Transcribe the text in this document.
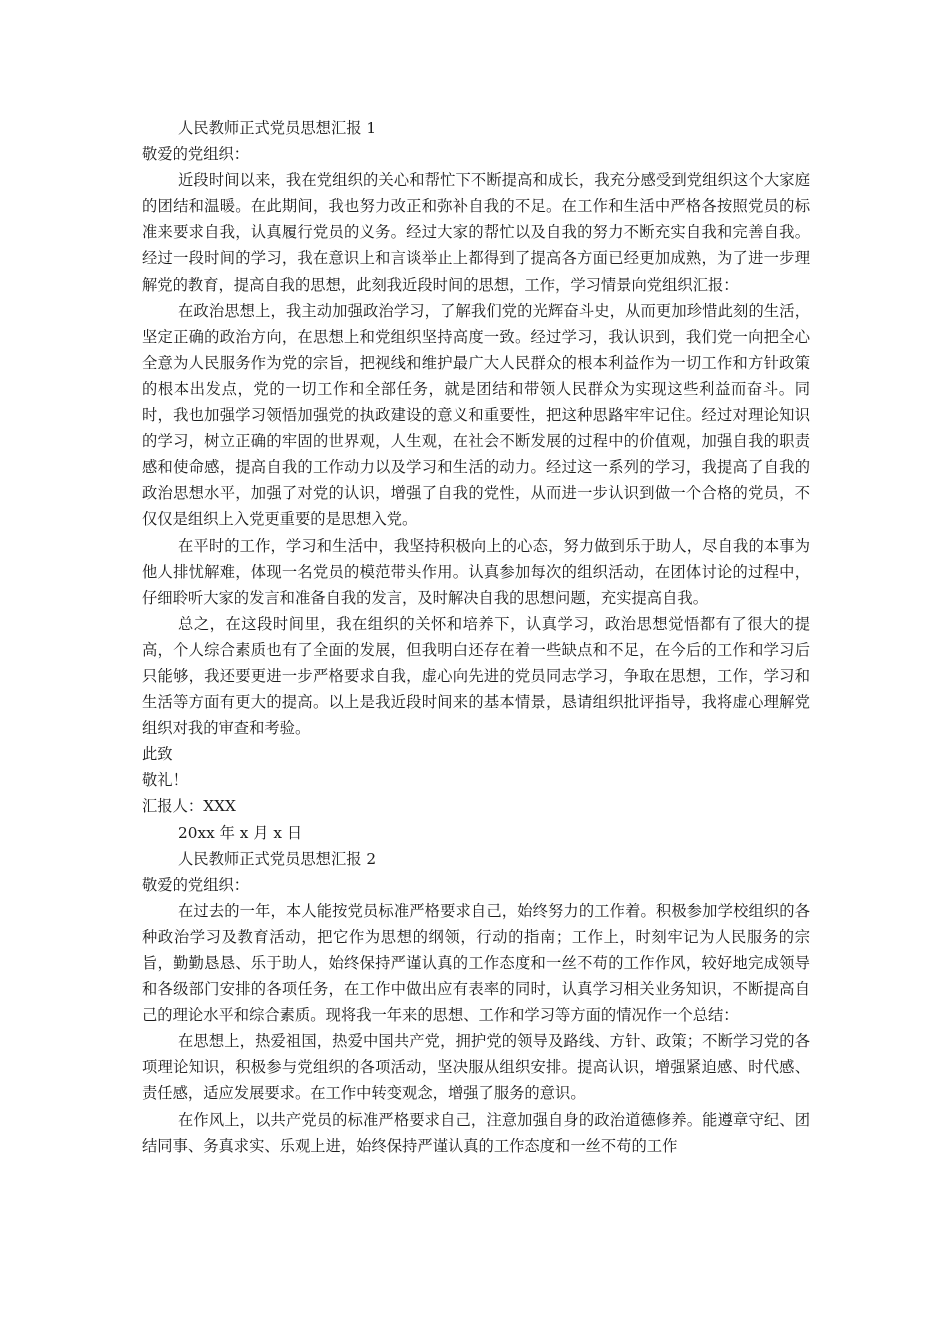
人民教师正式党员思想汇报 1
敬爱的党组织：

近段时间以来，我在党组织的关心和帮忙下不断提高和成长，我充分感受到党组织这个大家庭的团结和温暖。在此期间，我也努力改正和弥补自我的不足。在工作和生活中严格各按照党员的标准来要求自我，认真履行党员的义务。经过大家的帮忙以及自我的努力不断充实自我和完善自我。经过一段时间的学习，我在意识上和言谈举止上都得到了提高各方面已经更加成熟，为了进一步理解党的教育，提高自我的思想，此刻我近段时间的思想，工作，学习情景向党组织汇报：

在政治思想上，我主动加强政治学习，了解我们党的光辉奋斗史，从而更加珍惜此刻的生活，坚定正确的政治方向，在思想上和党组织坚持高度一致。经过学习，我认识到，我们党一向把全心全意为人民服务作为党的宗旨，把视线和维护最广大人民群众的根本利益作为一切工作和方针政策的根本出发点，党的一切工作和全部任务，就是团结和带领人民群众为实现这些利益而奋斗。同时，我也加强学习领悟加强党的执政建设的意义和重要性，把这种思路牢牢记住。经过对理论知识的学习，树立正确的牢固的世界观，人生观，在社会不断发展的过程中的价值观，加强自我的职责感和使命感，提高自我的工作动力以及学习和生活的动力。经过这一系列的学习，我提高了自我的政治思想水平，加强了对党的认识，增强了自我的党性，从而进一步认识到做一个合格的党员，不仅仅是组织上入党更重要的是思想入党。

在平时的工作，学习和生活中，我坚持积极向上的心态，努力做到乐于助人，尽自我的本事为他人排忧解难，体现一名党员的模范带头作用。认真参加每次的组织活动，在团体讨论的过程中，仔细聆听大家的发言和准备自我的发言，及时解决自我的思想问题，充实提高自我。

总之，在这段时间里，我在组织的关怀和培养下，认真学习，政治思想觉悟都有了很大的提高，个人综合素质也有了全面的发展，但我明白还存在着一些缺点和不足，在今后的工作和学习后只能够，我还要更进一步严格要求自我，虚心向先进的党员同志学习，争取在思想，工作，学习和生活等方面有更大的提高。以上是我近段时间来的基本情景，恳请组织批评指导，我将虚心理解党组织对我的审查和考验。

此致
敬礼！
汇报人：XXX
20xx 年 x 月 x 日
人民教师正式党员思想汇报 2
敬爱的党组织：

在过去的一年，本人能按党员标准严格要求自己，始终努力的工作着。积极参加学校组织的各种政治学习及教育活动，把它作为思想的纲领，行动的指南；工作上，时刻牢记为人民服务的宗旨，勤勤恳恳、乐于助人，始终保持严谨认真的工作态度和一丝不苟的工作作风，较好地完成领导和各级部门安排的各项任务，在工作中做出应有表率的同时，认真学习相关业务知识，不断提高自己的理论水平和综合素质。现将我一年来的思想、工作和学习等方面的情况作一个总结：

在思想上，热爱祖国，热爱中国共产党，拥护党的领导及路线、方针、政策；不断学习党的各项理论知识，积极参与党组织的各项活动，坚决服从组织安排。提高认识，增强紧迫感、时代感、责任感，适应发展要求。在工作中转变观念，增强了服务的意识。

在作风上，以共产党员的标准严格要求自己，注意加强自身的政治道德修养。能遵章守纪、团结同事、务真求实、乐观上进，始终保持严谨认真的工作态度和一丝不苟的工作
